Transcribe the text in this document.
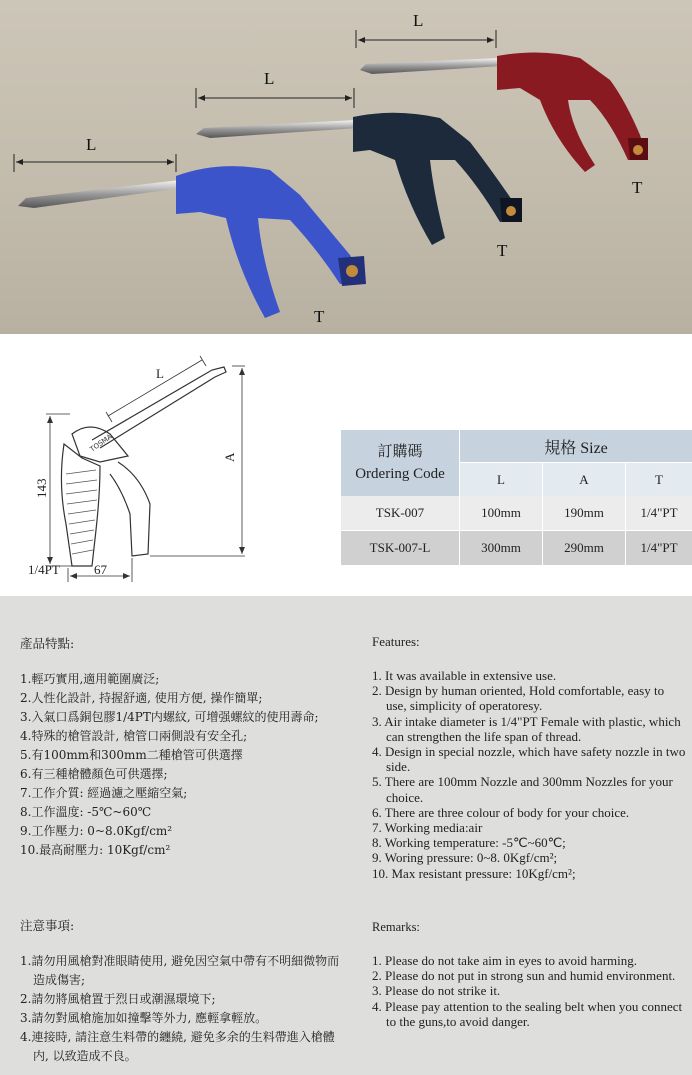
L
L
L
T
T
T
TOSMA
L
A
143
67
1/4PT
訂購碼
Ordering Code	規格 Size		
	L	A	T
TSK-007	100mm	190mm	1/4"PT
TSK-007-L	300mm	290mm	1/4"PT
產品特點:
1.輕巧實用,適用範圍廣泛;
2.人性化設計, 持握舒適, 使用方便, 操作簡單;
3.入氣口爲銅包膠1/4PT内螺紋, 可增强螺紋的使用壽命;
4.特殊的槍管設計, 槍管口兩側設有安全孔;
5.有100mm和300mm二種槍管可供選擇
6.有三種槍體顏色可供選擇;
7.工作介質: 經過濾之壓縮空氣;
8.工作溫度: -5℃~60℃
9.工作壓力: 0~8.0Kgf/cm²
10.最高耐壓力: 10Kgf/cm²
Features:
1. It was available in extensive use.
2. Design by human oriented, Hold comfortable, easy to use, simplicity of operatoresy.
3. Air intake diameter is 1/4"PT Female with plastic, which can strengthen the life span of thread.
4. Design in special nozzle, which have safety nozzle in two side.
5. There are 100mm Nozzle and 300mm Nozzles for your choice.
6. There are three colour of body for your choice.
7. Working media:air
8. Working temperature: -5℃~60℃;
9. Woring pressure: 0~8. 0Kgf/cm²;
10. Max resistant pressure: 10Kgf/cm²;
注意事項:
1.請勿用風槍對准眼睛使用, 避免因空氣中帶有不明細微物而造成傷害;
2.請勿將風槍置于烈日或潮濕環境下;
3.請勿對風槍施加如撞擊等外力, 應輕拿輕放。
4.連接時, 請注意生料帶的纏繞, 避免多余的生料帶進入槍體内, 以致造成不良。
Remarks:
1. Please do not take aim in eyes to avoid harming.
2. Please do not put in strong sun and humid environment.
3. Please do not strike it.
4. Please pay attention to the sealing belt when you connect to the guns,to avoid danger.
